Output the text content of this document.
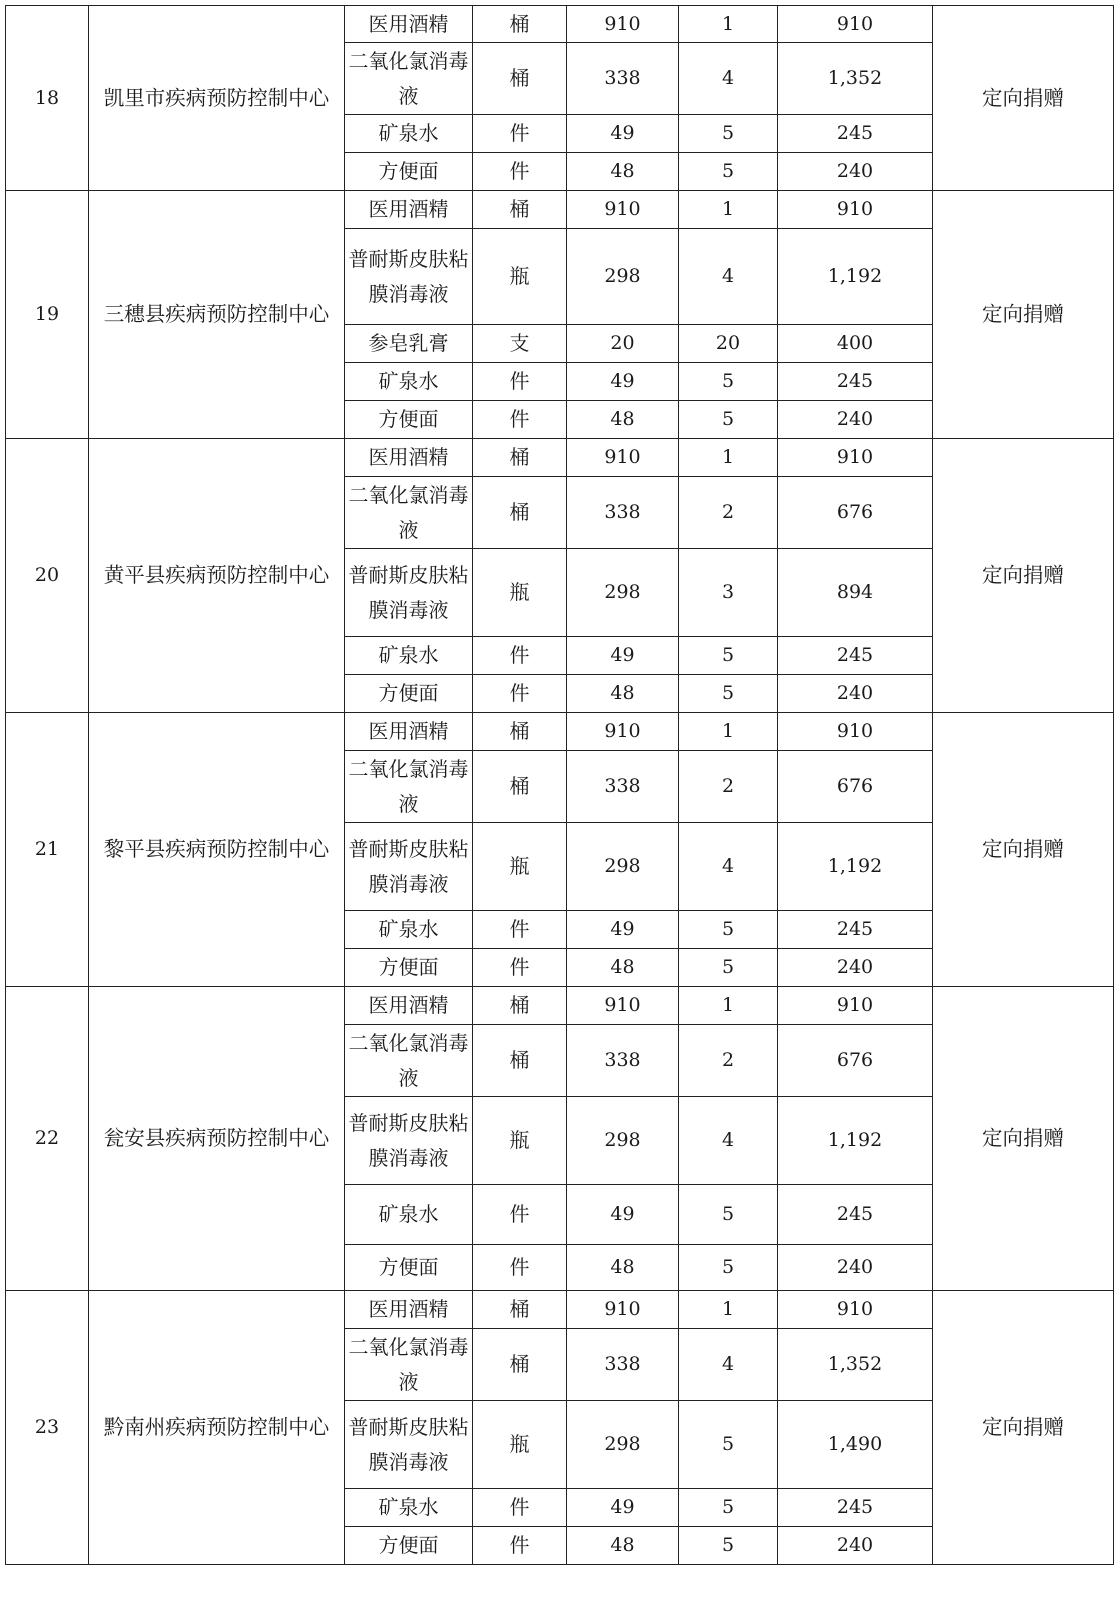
18	凯里市疾病预防控制中心	医用酒精	桶	910	1	910	定向捐赠
		二氧化氯消毒液	桶	338	4	1,352	
		矿泉水	件	49	5	245	
		方便面	件	48	5	240	
19	三穗县疾病预防控制中心	医用酒精	桶	910	1	910	定向捐赠
		普耐斯皮肤粘膜消毒液	瓶	298	4	1,192	
		参皂乳膏	支	20	20	400	
		矿泉水	件	49	5	245	
		方便面	件	48	5	240	
20	黄平县疾病预防控制中心	医用酒精	桶	910	1	910	定向捐赠
		二氧化氯消毒液	桶	338	2	676	
		普耐斯皮肤粘膜消毒液	瓶	298	3	894	
		矿泉水	件	49	5	245	
		方便面	件	48	5	240	
21	黎平县疾病预防控制中心	医用酒精	桶	910	1	910	定向捐赠
		二氧化氯消毒液	桶	338	2	676	
		普耐斯皮肤粘膜消毒液	瓶	298	4	1,192	
		矿泉水	件	49	5	245	
		方便面	件	48	5	240	
22	瓮安县疾病预防控制中心	医用酒精	桶	910	1	910	定向捐赠
		二氧化氯消毒液	桶	338	2	676	
		普耐斯皮肤粘膜消毒液	瓶	298	4	1,192	
		矿泉水	件	49	5	245	
		方便面	件	48	5	240	
23	黔南州疾病预防控制中心	医用酒精	桶	910	1	910	定向捐赠
		二氧化氯消毒液	桶	338	4	1,352	
		普耐斯皮肤粘膜消毒液	瓶	298	5	1,490	
		矿泉水	件	49	5	245	
		方便面	件	48	5	240	
